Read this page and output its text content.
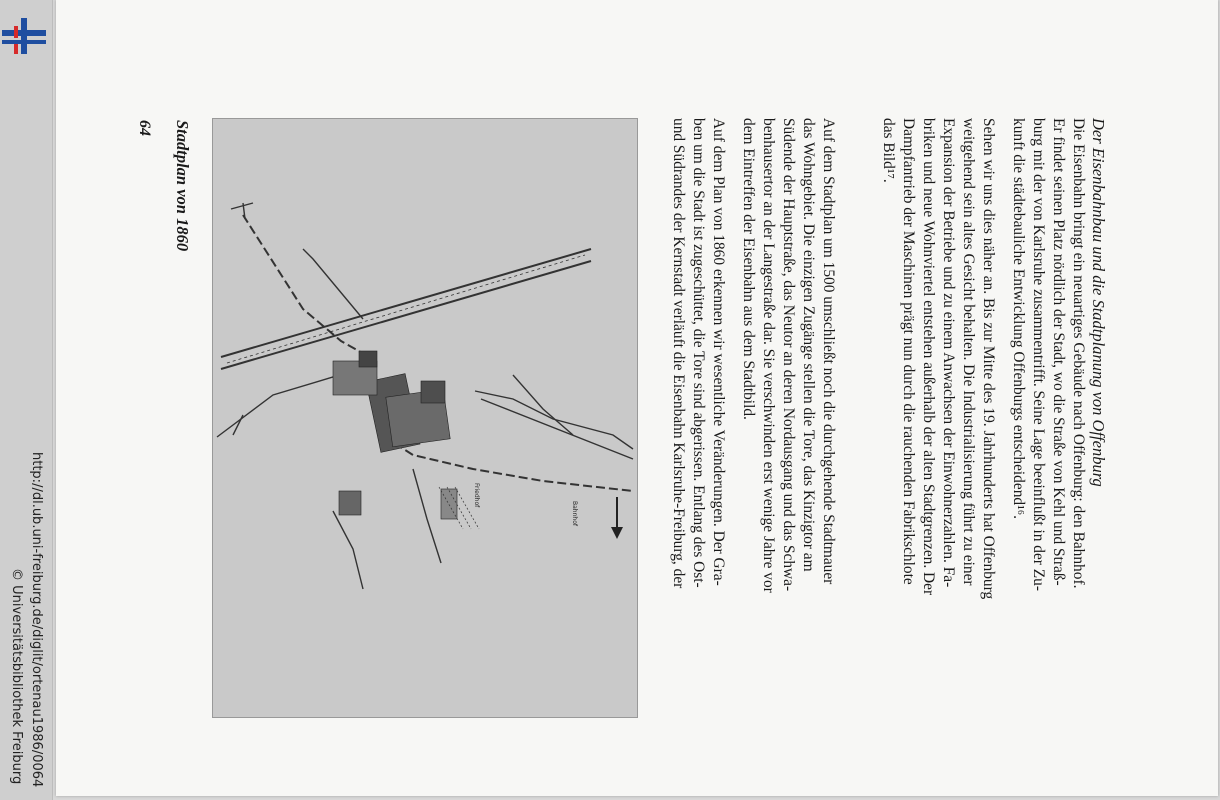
http://dl.ub.uni-freiburg.de/diglit/ortenau1986/0064
© Universitätsbibliothek Freiburg
Der Eisenbahnbau und die Stadtplanung von Offenburg
Die Eisenbahn bringt ein neuartiges Gebäude nach Offenburg: den Bahnhof.
Er findet seinen Platz nördlich der Stadt, wo die Straße von Kehl und Straß-
burg mit der von Karlsruhe zusammentrifft. Seine Lage beeinflußt in der Zu-
kunft die städtebauliche Entwicklung Offenburgs entscheidend¹⁶.
Sehen wir uns dies näher an. Bis zur Mitte des 19. Jahrhunderts hat Offenburg
weitgehend sein altes Gesicht behalten. Die Industrialisierung führt zu einer
Expansion der Betriebe und zu einem Anwachsen der Einwohnerzahlen. Fa-
briken und neue Wohnviertel entstehen außerhalb der alten Stadtgrenzen. Der
Dampfantrieb der Maschinen prägt nun durch die rauchenden Fabrikschlote
das Bild¹⁷.
Auf dem Stadtplan um 1500 umschließt noch die durchgehende Stadtmauer
das Wohngebiet. Die einzigen Zugänge stellen die Tore, das Kinzigtor am
Südende der Hauptstraße, das Neutor an deren Nordausgang und das Schwa-
benhausertor an der Langestraße dar. Sie verschwinden erst wenige Jahre vor
dem Eintreffen der Eisenbahn aus dem Stadtbild.
Auf dem Plan von 1860 erkennen wir wesentliche Veränderungen. Der Gra-
ben um die Stadt ist zugeschüttet, die Tore sind abgerissen. Entlang des Ost-
und Südrandes der Kernstadt verläuft die Eisenbahn Karlsruhe-Freiburg, der
Bahnhof
Friedhof
64 Stadtplan von 1860
